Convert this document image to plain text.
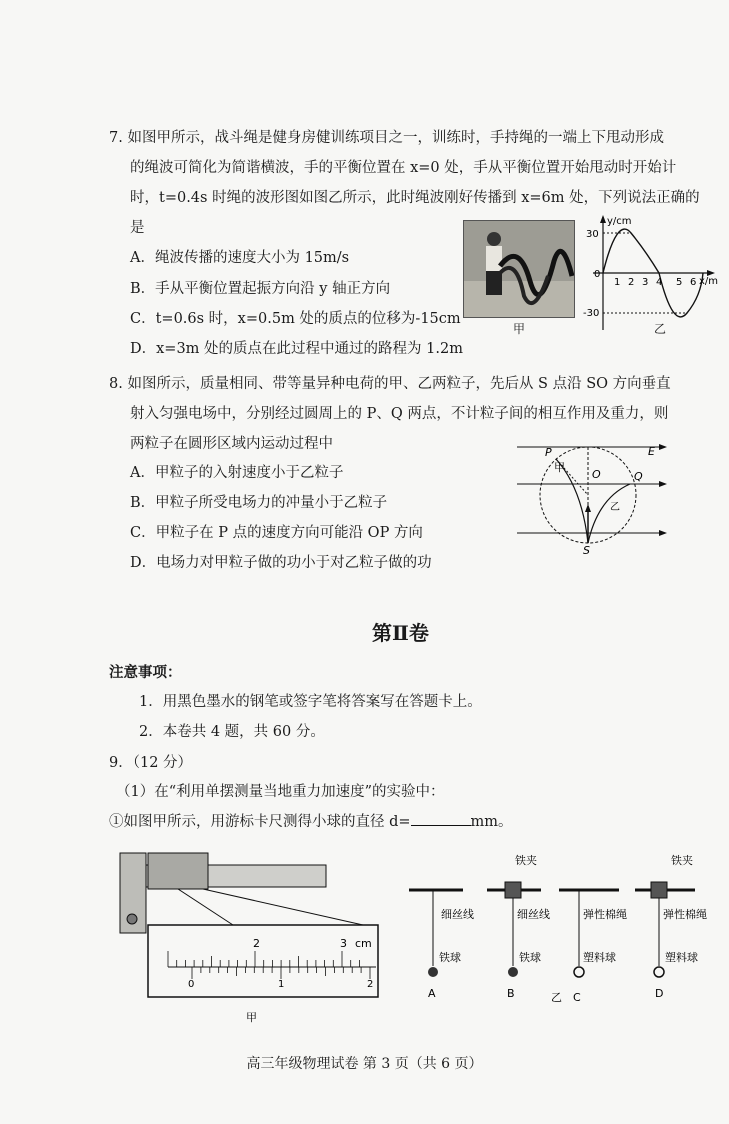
7. 如图甲所示，战斗绳是健身房健训练项目之一，训练时，手持绳的一端上下甩动形成
的绳波可简化为简谐横波，手的平衡位置在 x=0 处，手从平衡位置开始甩动时开始计
时，t=0.4s 时绳的波形图如图乙所示，此时绳波刚好传播到 x=6m 处，下列说法正确的
是
A．绳波传播的速度大小为 15m/s
B．手从平衡位置起振方向沿 y 轴正方向
C．t=0.6s 时，x=0.5m 处的质点的位移为-15cm
D．x=3m 处的质点在此过程中通过的路程为 1.2m
甲
y/cm
x/m
30
-30
0
1 2 3 4 5 6
乙
8. 如图所示，质量相同、带等量异种电荷的甲、乙两粒子，先后从 S 点沿 SO 方向垂直
射入匀强电场中，分别经过圆周上的 P、Q 两点，不计粒子间的相互作用及重力，则
两粒子在圆形区域内运动过程中
A．甲粒子的入射速度小于乙粒子
B．甲粒子所受电场力的冲量小于乙粒子
C．甲粒子在 P 点的速度方向可能沿 OP 方向
D．电场力对甲粒子做的功小于对乙粒子做的功
P
甲
O	Q
E
乙
S
第Ⅱ卷
注意事项：
1．用黑色墨水的钢笔或签字笔将答案写在答题卡上。
2．本卷共 4 题，共 60 分。
9．（12 分）
（1）在“利用单摆测量当地重力加速度”的实验中：
①如图甲所示，用游标卡尺测得小球的直径 d=	mm。
2	3 cm
0	1	2
甲
细丝线
铁球
A
铁夹
细丝线
铁球
B
弹性棉绳
塑料球
C
乙
铁夹
弹性棉绳
塑料球
D
高三年级物理试卷 第 3 页（共 6 页）
